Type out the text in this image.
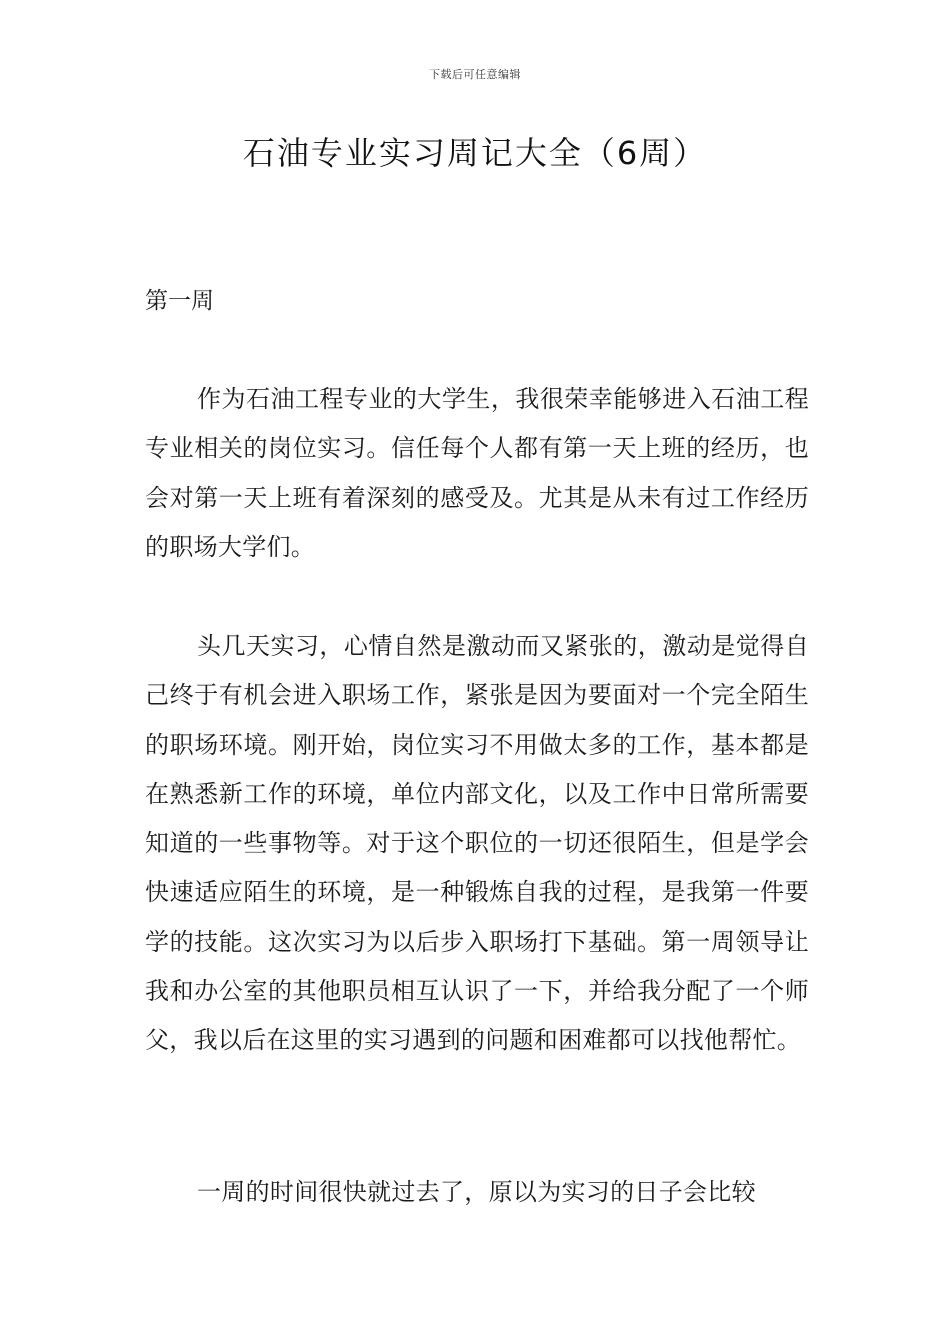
下载后可任意编辑
石油专业实习周记大全（6周）
第一周

作为石油工程专业的大学生，我很荣幸能够进入石油工程专业相关的岗位实习。信任每个人都有第一天上班的经历，也会对第一天上班有着深刻的感受及。尤其是从未有过工作经历的职场大学们。

头几天实习，心情自然是激动而又紧张的，激动是觉得自己终于有机会进入职场工作，紧张是因为要面对一个完全陌生的职场环境。刚开始，岗位实习不用做太多的工作，基本都是在熟悉新工作的环境，单位内部文化，以及工作中日常所需要知道的一些事物等。对于这个职位的一切还很陌生，但是学会快速适应陌生的环境，是一种锻炼自我的过程，是我第一件要学的技能。这次实习为以后步入职场打下基础。第一周领导让我和办公室的其他职员相互认识了一下，并给我分配了一个师父，我以后在这里的实习遇到的问题和困难都可以找他帮忙。

一周的时间很快就过去了，原以为实习的日子会比较
